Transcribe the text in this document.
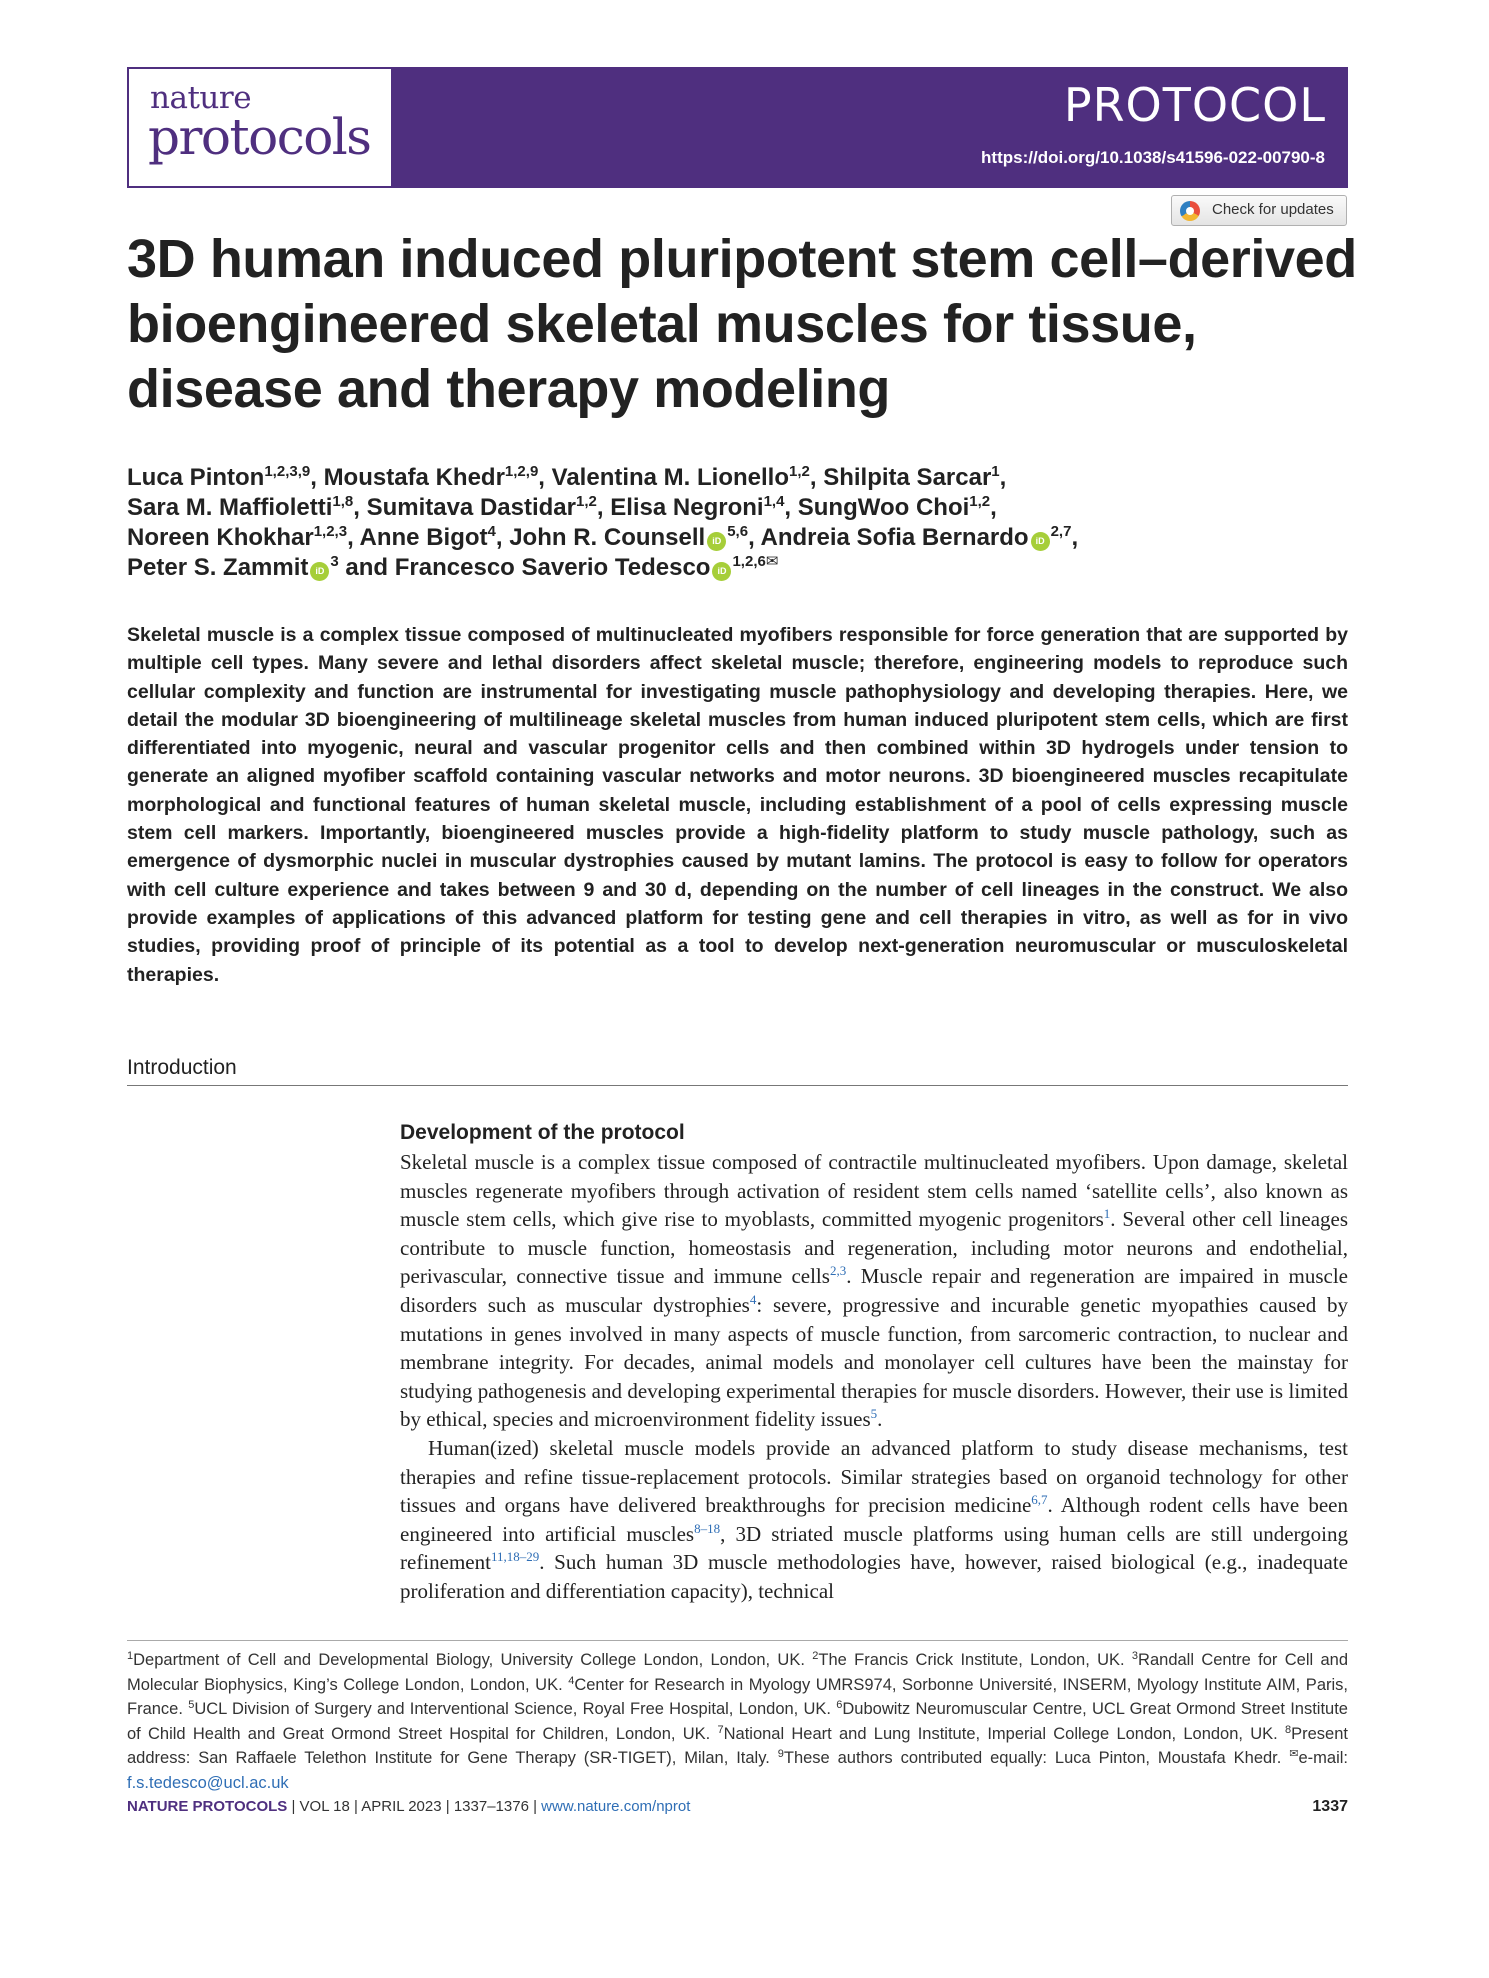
nature
protocols
PROTOCOL
https://doi.org/10.1038/s41596-022-00790-8
Check for updates
3D human induced pluripotent stem cell–derived bioengineered skeletal muscles for tissue, disease and therapy modeling
Luca Pinton$^{1,2,3,9}$, Moustafa Khedr$^{1,2,9}$, Valentina M. Lionello$^{1,2}$, Shilpita Sarcar$^1$,
Sara M. Maffioletti$^{1,8}$, Sumitava Dastidar$^{1,2}$, Elisa Negroni$^{1,4}$, SungWoo Choi$^{1,2}$,
Noreen Khokhar$^{1,2,3}$, Anne Bigot$^4$, John R. Counsell iD$^{5,6}$, Andreia Sofia Bernardo iD$^{2,7}$,
Peter S. Zammit $iD^3$ and Francesco Saverio Tedesco $iD^{1,2,6✉}$
Skeletal muscle is a complex tissue composed of multinucleated myofibers responsible for force generation that are supported by multiple cell types. Many severe and lethal disorders affect skeletal muscle; therefore, engineering models to reproduce such cellular complexity and function are instrumental for investigating muscle pathophysiology and developing therapies. Here, we detail the modular 3D bioengineering of multilineage skeletal muscles from human induced pluripotent stem cells, which are first differentiated into myogenic, neural and vascular progenitor cells and then combined within 3D hydrogels under tension to generate an aligned myofiber scaffold containing vascular networks and motor neurons. 3D bioengineered muscles recapitulate morphological and functional features of human skeletal muscle, including establishment of a pool of cells expressing muscle stem cell markers. Importantly, bioengineered muscles provide a high-fidelity platform to study muscle pathology, such as emergence of dysmorphic nuclei in muscular dystrophies caused by mutant lamins. The protocol is easy to follow for operators with cell culture experience and takes between 9 and 30 d, depending on the number of cell lineages in the construct. We also provide examples of applications of this advanced platform for testing gene and cell therapies in vitro, as well as for in vivo studies, providing proof of principle of its potential as a tool to develop next-generation neuromuscular or musculoskeletal therapies.
Introduction
Development of the protocol

Skeletal muscle is a complex tissue composed of contractile multinucleated myofibers. Upon damage, skeletal muscles regenerate myofibers through activation of resident stem cells named ‘satellite cells’, also known as muscle stem cells, which give rise to myoblasts, committed myogenic progenitors$^1$. Several other cell lineages contribute to muscle function, homeostasis and regeneration, including motor neurons and endothelial, perivascular, connective tissue and immune cells$^{2,3}$. Muscle repair and regeneration are impaired in muscle disorders such as muscular dystrophies$^4$: severe, progressive and incurable genetic myopathies caused by mutations in genes involved in many aspects of muscle function, from sarcomeric contraction, to nuclear and membrane integrity. For decades, animal models and monolayer cell cultures have been the mainstay for studying pathogenesis and developing experimental therapies for muscle disorders. However, their use is limited by ethical, species and microenvironment fidelity issues$^5$.

Human(ized) skeletal muscle models provide an advanced platform to study disease mechanisms, test therapies and refine tissue-replacement protocols. Similar strategies based on organoid technology for other tissues and organs have delivered breakthroughs for precision medicine$^{6,7}$. Although rodent cells have been engineered into artificial muscles$^{8-18}$, 3D striated muscle platforms using human cells are still undergoing refinement$^{11,18-29}$. Such human 3D muscle methodologies have, however, raised biological (e.g., inadequate proliferation and differentiation capacity), technical

$^1$Department of Cell and Developmental Biology, University College London, London, UK. $^2$The Francis Crick Institute, London, UK. $^3$Randall Centre for Cell and Molecular Biophysics, King’s College London, London, UK. $^4$Center for Research in Myology UMRS974, Sorbonne Université, INSERM, Myology Institute AIM, Paris, France. $^5$UCL Division of Surgery and Interventional Science, Royal Free Hospital, London, UK. $^6$Dubowitz Neuromuscular Centre, UCL Great Ormond Street Institute of Child Health and Great Ormond Street Hospital for Children, London, UK. $^7$National Heart and Lung Institute, Imperial College London, London, UK. $^8$Present address: San Raffaele Telethon Institute for Gene Therapy (SR-TIGET), Milan, Italy. $^9$These authors contributed equally: Luca Pinton, Moustafa Khedr. ✉e-mail: f.s.tedesco@ucl.ac.uk
NATURE PROTOCOLS | VOL 18 | APRIL 2023 | 1337–1376 | www.nature.com/nprot	1337
